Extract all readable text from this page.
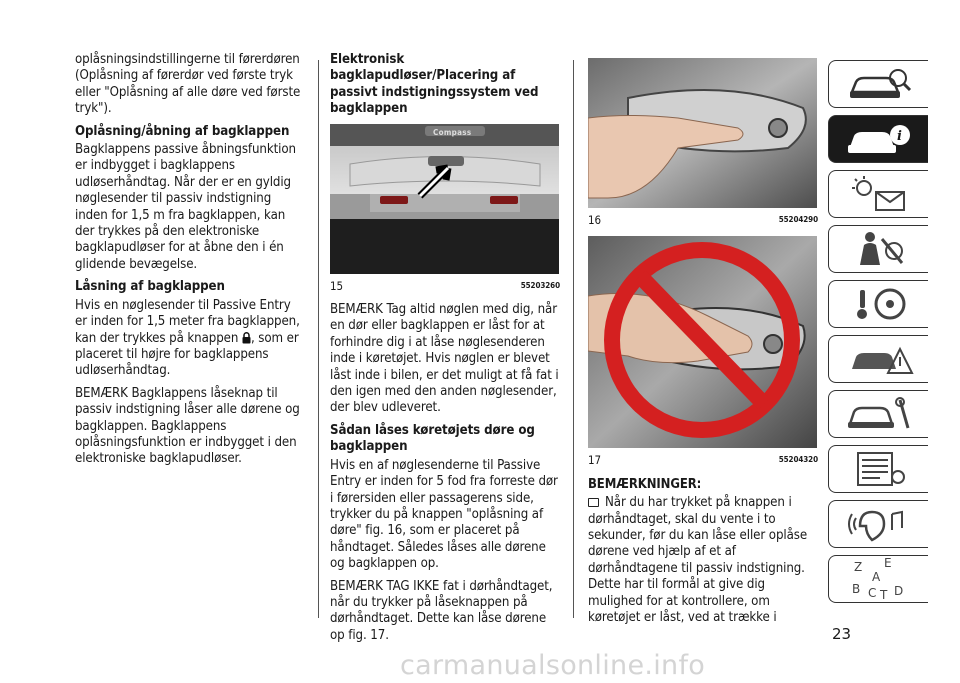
oplåsningsindstillingerne til førerdøren (Oplåsning af førerdør ved første tryk eller "Oplåsning af alle døre ved første tryk").

Oplåsning/åbning af bagklappen

Bagklappens passive åbningsfunktion er indbygget i bagklappens udløserhåndtag. Når der er en gyldig nøglesender til passiv indstigning inden for 1,5 m fra bagklappen, kan der trykkes på den elektroniske bagklapudløser for at åbne den i én glidende bevægelse.

Låsning af bagklappen

Hvis en nøglesender til Passive Entry er inden for 1,5 meter fra bagklappen, kan der trykkes på knappen , som er placeret til højre for bagklappens udløserhåndtag.

BEMÆRK Bagklappens låseknap til passiv indstigning låser alle dørene og bagklappen. Bagklappens oplåsningsfunktion er indbygget i den elektroniske bagklapudløser.

Elektronisk bagklapudløser/Placering af passivt indstigningssystem ved bagklappen
Compass
15	55203260

BEMÆRK Tag altid nøglen med dig, når en dør eller bagklappen er låst for at forhindre dig i at låse nøglesenderen inde i køretøjet. Hvis nøglen er blevet låst inde i bilen, er det muligt at få fat i den igen med den anden nøglesender, der blev udleveret.

Sådan låses køretøjets døre og bagklappen

Hvis en af nøglesenderne til Passive Entry er inden for 5 fod fra forreste dør i førersiden eller passagerens side, trykker du på knappen "oplåsning af døre" fig. 16, som er placeret på håndtaget. Således låses alle dørene og bagklappen op.

BEMÆRK TAG IKKE fat i dørhåndtaget, når du trykker på låseknappen på dørhåndtaget. Dette kan låse dørene op fig. 17.

16	55204290
17	55204320
BEMÆRKNINGER:

Når du har trykket på knappen i dørhåndtaget, skal du vente i to sekunder, før du kan låse eller oplåse dørene ved hjælp af et af dørhåndtagene til passiv indstigning. Dette har til formål at give dig mulighed for at kontrollere, om køretøjet er låst, ved at trække i

i
Z E
A
B C D
T
23
carmanualsonline.info
